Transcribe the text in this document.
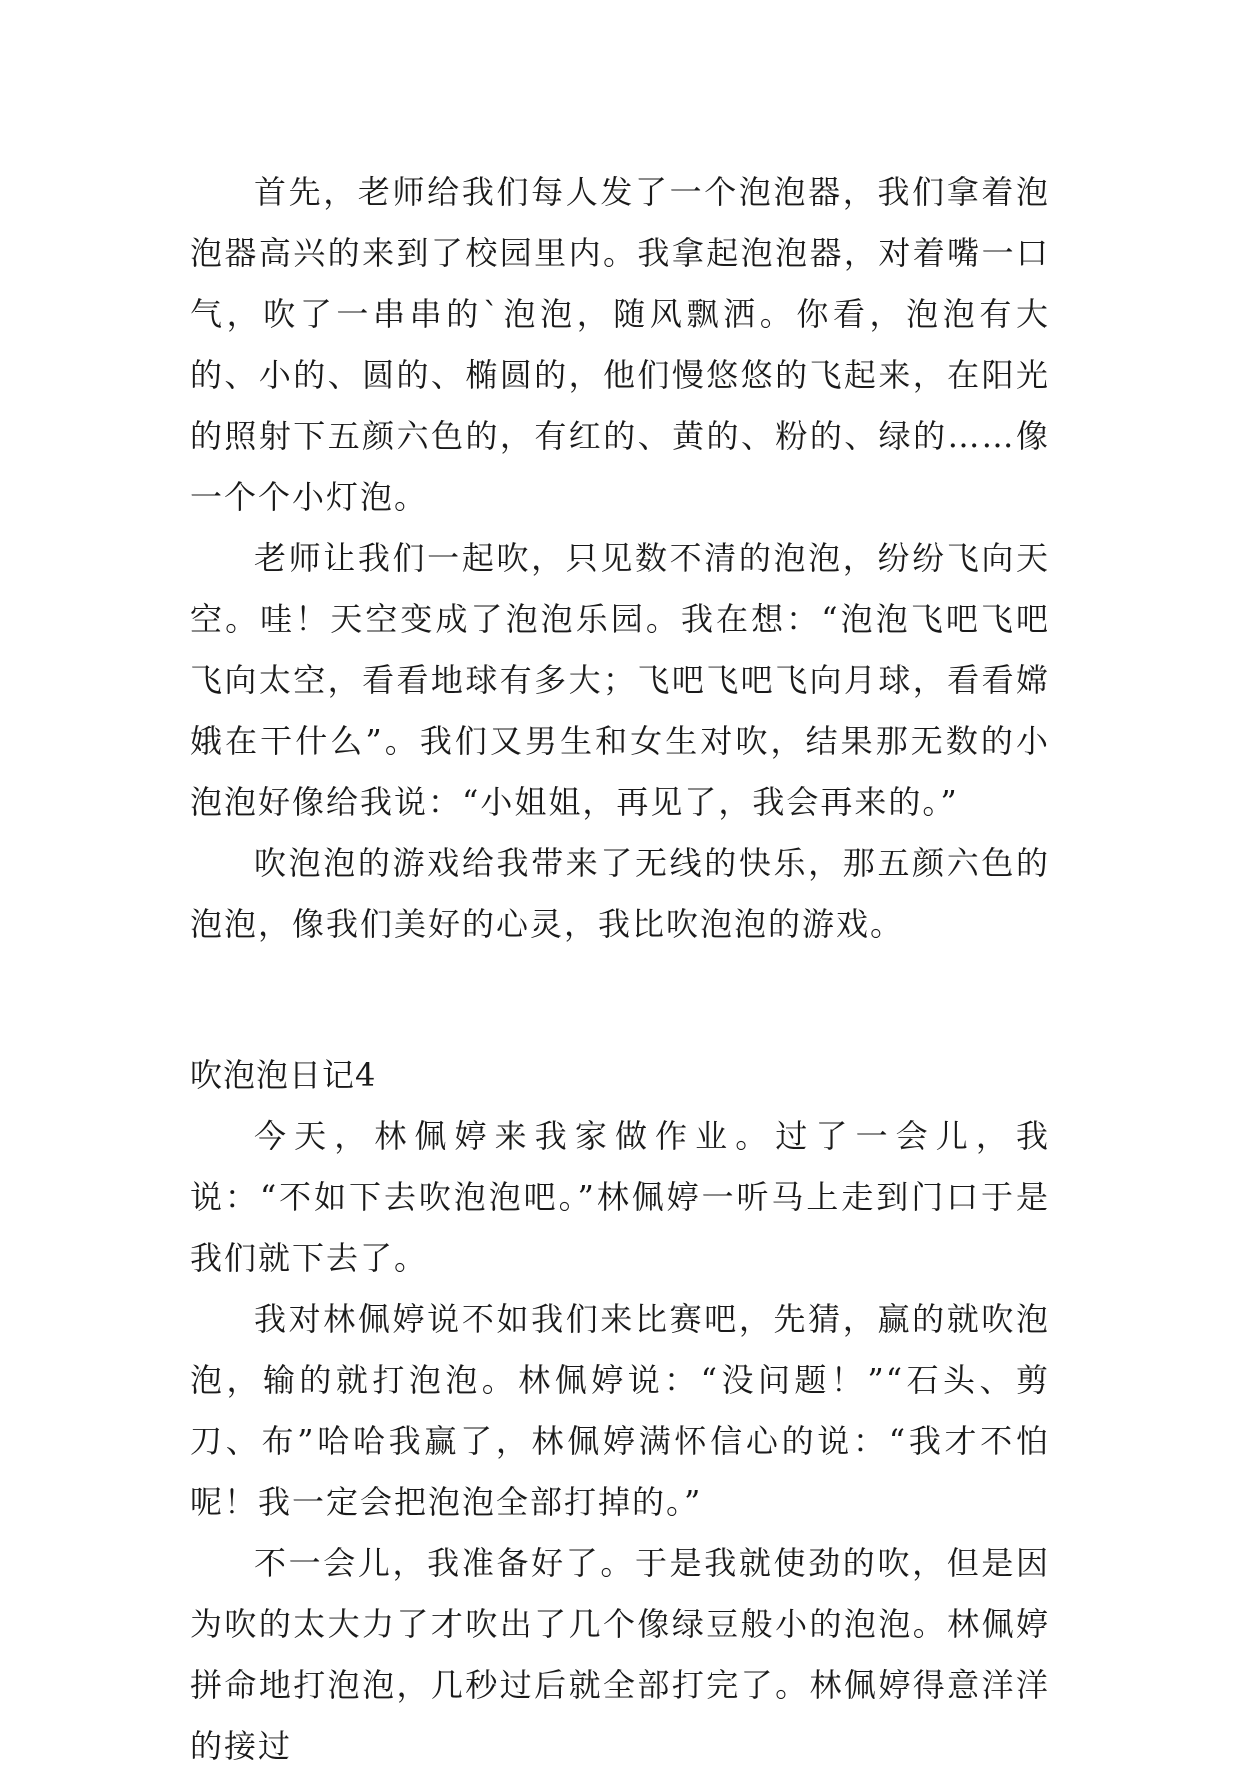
首先，老师给我们每人发了一个泡泡器，我们拿着泡泡器高兴的来到了校园里内。我拿起泡泡器，对着嘴一口气，吹了一串串的`泡泡，随风飘洒。你看，泡泡有大的、小的、圆的、椭圆的，他们慢悠悠的飞起来，在阳光的照射下五颜六色的，有红的、黄的、粉的、绿的……像一个个小灯泡。

老师让我们一起吹，只见数不清的泡泡，纷纷飞向天空。哇！天空变成了泡泡乐园。我在想：“泡泡飞吧飞吧飞向太空，看看地球有多大；飞吧飞吧飞向月球，看看嫦娥在干什么”。我们又男生和女生对吹，结果那无数的小泡泡好像给我说：“小姐姐，再见了，我会再来的。”

吹泡泡的游戏给我带来了无线的快乐，那五颜六色的泡泡，像我们美好的心灵，我比吹泡泡的游戏。

吹泡泡日记4

今天，林佩婷来我家做作业。过了一会儿，我说：“不如下去吹泡泡吧。”林佩婷一听马上走到门口于是我们就下去了。

我对林佩婷说不如我们来比赛吧，先猜，赢的就吹泡泡，输的就打泡泡。林佩婷说：“没问题！”“石头、剪刀、布”哈哈我赢了，林佩婷满怀信心的说：“我才不怕呢！我一定会把泡泡全部打掉的。”

不一会儿，我准备好了。于是我就使劲的吹，但是因为吹的太大力了才吹出了几个像绿豆般小的泡泡。林佩婷拼命地打泡泡，几秒过后就全部打完了。林佩婷得意洋洋的接过
